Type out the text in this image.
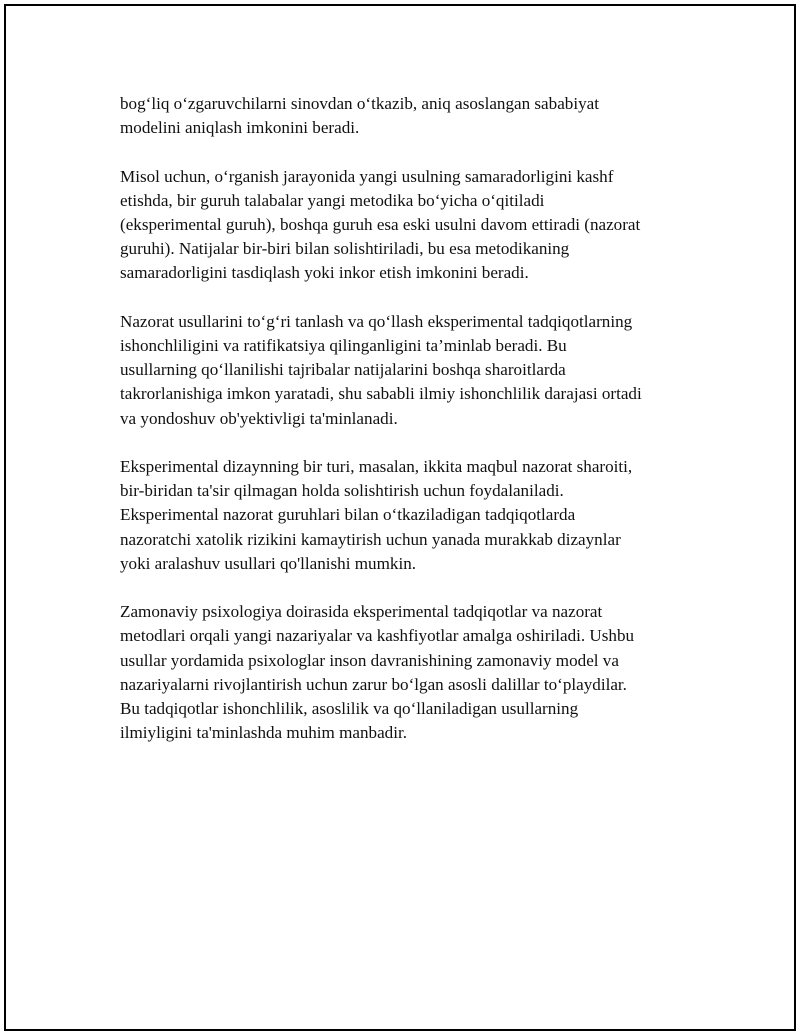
bog‘liq o‘zgaruvchilarni sinovdan o‘tkazib, aniq asoslangan sababiyat
modelini aniqlash imkonini beradi.

Misol uchun, o‘rganish jarayonida yangi usulning samaradorligini kashf
etishda, bir guruh talabalar yangi metodika bo‘yicha o‘qitiladi
(eksperimental guruh), boshqa guruh esa eski usulni davom ettiradi (nazorat
guruhi). Natijalar bir-biri bilan solishtiriladi, bu esa metodikaning
samaradorligini tasdiqlash yoki inkor etish imkonini beradi.

Nazorat usullarini to‘g‘ri tanlash va qo‘llash eksperimental tadqiqotlarning
ishonchliligini va ratifikatsiya qilinganligini ta’minlab beradi. Bu
usullarning qo‘llanilishi tajribalar natijalarini boshqa sharoitlarda
takrorlanishiga imkon yaratadi, shu sababli ilmiy ishonchlilik darajasi ortadi
va yondoshuv ob'yektivligi ta'minlanadi.

Eksperimental dizaynning bir turi, masalan, ikkita maqbul nazorat sharoiti,
bir-biridan ta'sir qilmagan holda solishtirish uchun foydalaniladi.
Eksperimental nazorat guruhlari bilan o‘tkaziladigan tadqiqotlarda
nazoratchi xatolik rizikini kamaytirish uchun yanada murakkab dizaynlar
yoki aralashuv usullari qo'llanishi mumkin.

Zamonaviy psixologiya doirasida eksperimental tadqiqotlar va nazorat
metodlari orqali yangi nazariyalar va kashfiyotlar amalga oshiriladi. Ushbu
usullar yordamida psixologlar inson davranishining zamonaviy model va
nazariyalarni rivojlantirish uchun zarur bo‘lgan asosli dalillar to‘playdilar.
Bu tadqiqotlar ishonchlilik, asoslilik va qo‘llaniladigan usullarning
ilmiyligini ta'minlashda muhim manbadir.
